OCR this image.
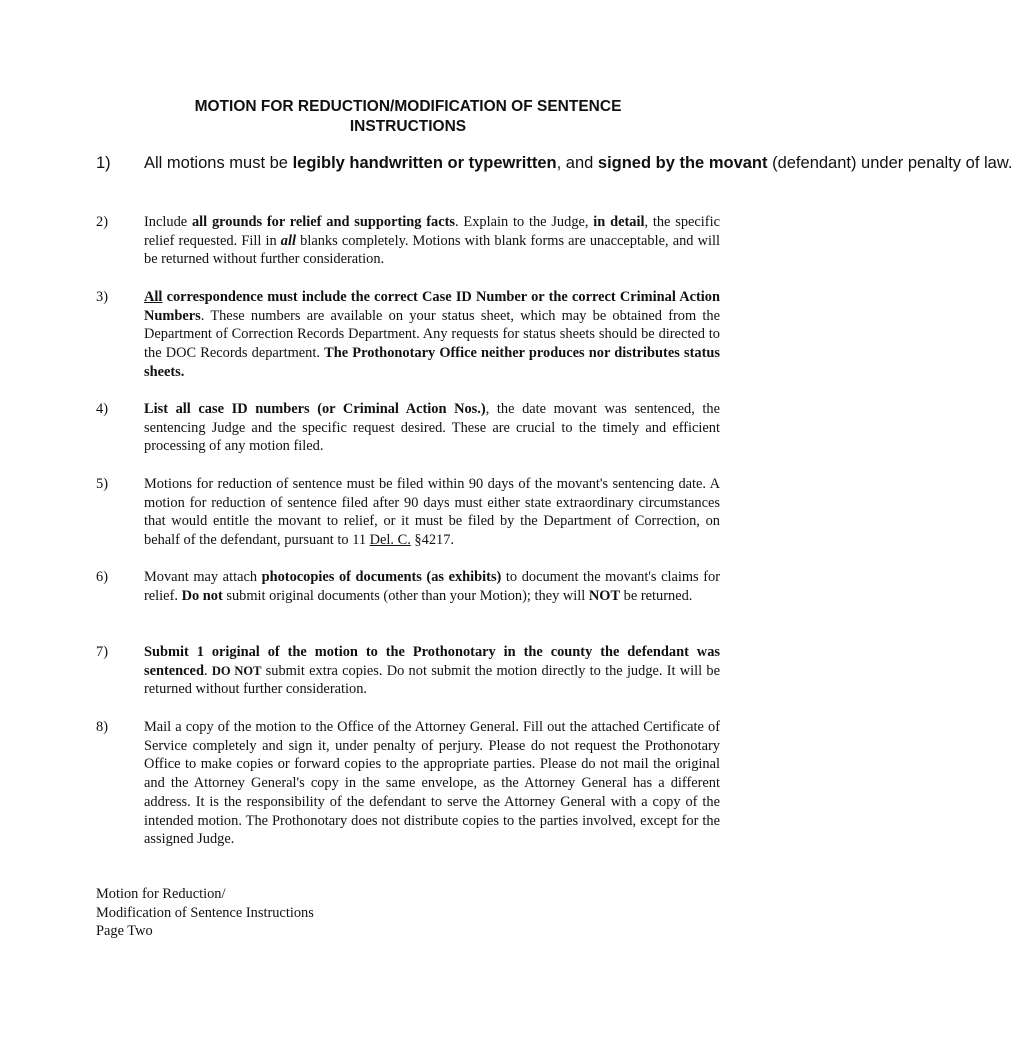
MOTION FOR REDUCTION/MODIFICATION OF SENTENCE
INSTRUCTIONS
1) All motions must be legibly handwritten or typewritten, and signed by the movant (defendant) under penalty of law.
2)	Include all grounds for relief and supporting facts. Explain to the Judge, in detail, the specific relief requested. Fill in all blanks completely. Motions with blank forms are unacceptable, and will be returned without further consideration.
3)	All correspondence must include the correct Case ID Number or the correct Criminal Action Numbers. These numbers are available on your status sheet, which may be obtained from the Department of Correction Records Department. Any requests for status sheets should be directed to the DOC Records department. The Prothonotary Office neither produces nor distributes status sheets.
4)	List all case ID numbers (or Criminal Action Nos.), the date movant was sentenced, the sentencing Judge and the specific request desired. These are crucial to the timely and efficient processing of any motion filed.
5)	Motions for reduction of sentence must be filed within 90 days of the movant's sentencing date. A motion for reduction of sentence filed after 90 days must either state extraordinary circumstances that would entitle the movant to relief, or it must be filed by the Department of Correction, on behalf of the defendant, pursuant to 11 Del. C. §4217.
6)	Movant may attach photocopies of documents (as exhibits) to document the movant's claims for relief. Do not submit original documents (other than your Motion); they will NOT be returned.
7)	Submit 1 original of the motion to the Prothonotary in the county the defendant was sentenced. DO NOT submit extra copies. Do not submit the motion directly to the judge. It will be returned without further consideration.
8)	Mail a copy of the motion to the Office of the Attorney General. Fill out the attached Certificate of Service completely and sign it, under penalty of perjury. Please do not request the Prothonotary Office to make copies or forward copies to the appropriate parties. Please do not mail the original and the Attorney General's copy in the same envelope, as the Attorney General has a different address. It is the responsibility of the defendant to serve the Attorney General with a copy of the intended motion. The Prothonotary does not distribute copies to the parties involved, except for the assigned Judge.
Motion for Reduction/
Modification of Sentence Instructions
Page Two
